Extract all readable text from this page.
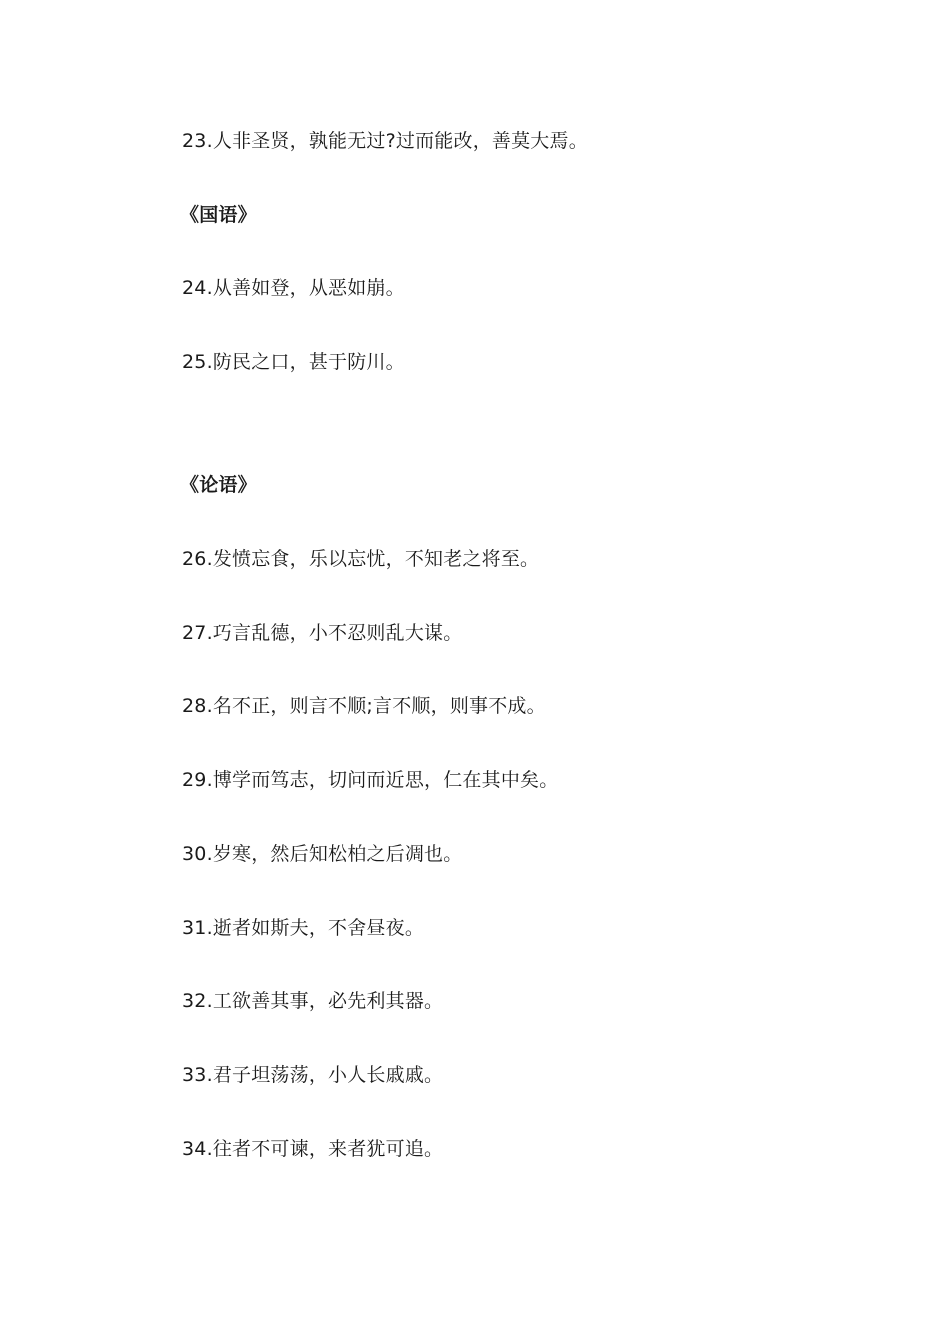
23.人非圣贤，孰能无过?过而能改，善莫大焉。
《国语》
24.从善如登，从恶如崩。
25.防民之口，甚于防川。
《论语》
26.发愤忘食，乐以忘忧，不知老之将至。
27.巧言乱德，小不忍则乱大谋。
28.名不正，则言不顺;言不顺，则事不成。
29.博学而笃志，切问而近思，仁在其中矣。
30.岁寒，然后知松柏之后凋也。
31.逝者如斯夫，不舍昼夜。
32.工欲善其事，必先利其器。
33.君子坦荡荡，小人长戚戚。
34.往者不可谏，来者犹可追。
